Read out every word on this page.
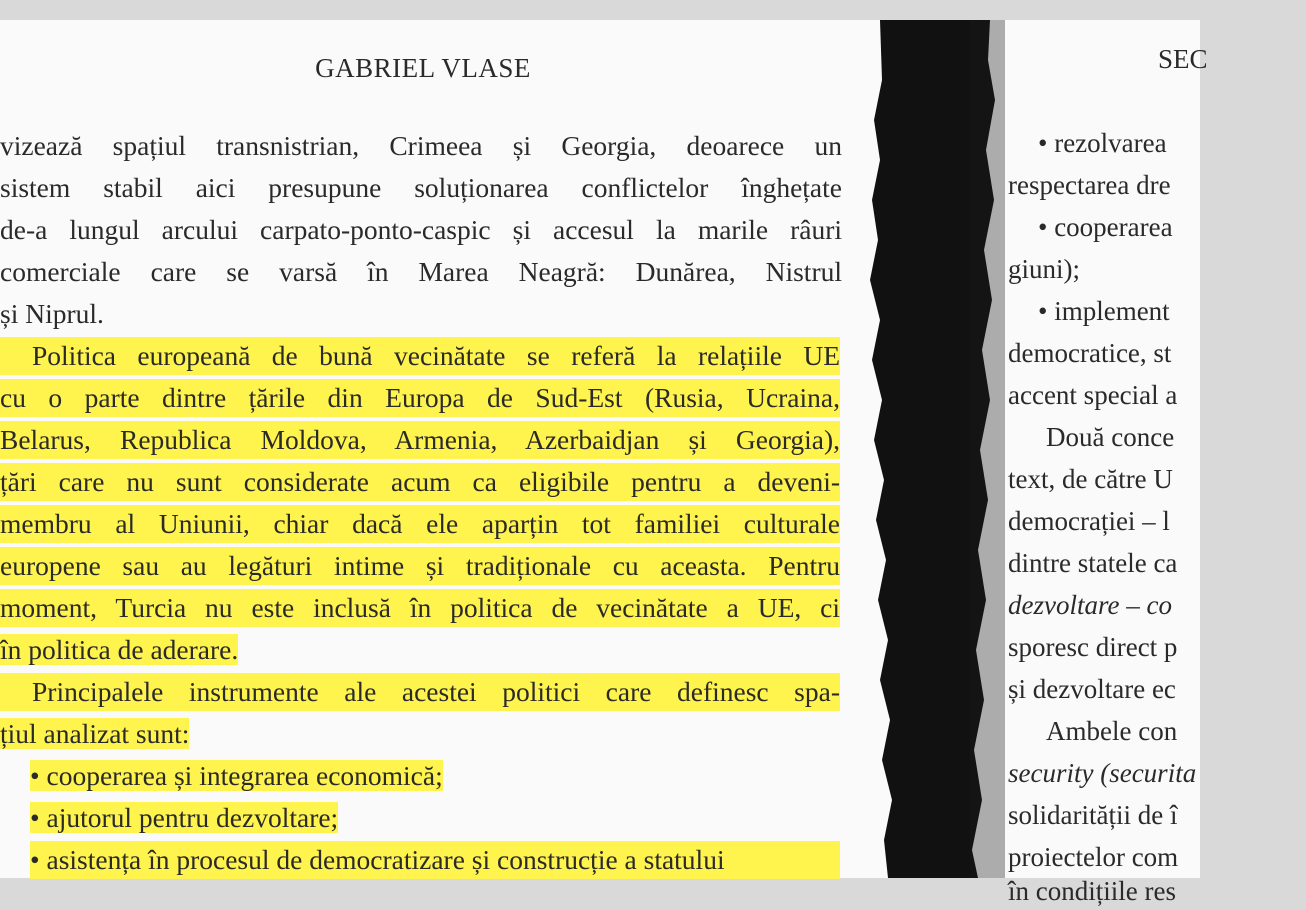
GABRIEL VLASE
vizează spațiul transnistrian, Crimeea și Georgia, deoarece un
sistem stabil aici presupune soluționarea conflictelor înghețate
de-a lungul arcului carpato-ponto-caspic și accesul la marile râuri
comerciale care se varsă în Marea Neagră: Dunărea, Nistrul
și Niprul.
Politica europeană de bună vecinătate se referă la relațiile UE
cu o parte dintre țările din Europa de Sud-Est (Rusia, Ucraina,
Belarus, Republica Moldova, Armenia, Azerbaidjan și Georgia),
țări care nu sunt considerate acum ca eligibile pentru a deveni-
membru al Uniunii, chiar dacă ele aparțin tot familiei culturale
europene sau au legături intime și tradiționale cu aceasta. Pentru
moment, Turcia nu este inclusă în politica de vecinătate a UE, ci
în politica de aderare.
Principalele instrumente ale acestei politici care definesc spa-
țiul analizat sunt:
• cooperarea și integrarea economică;
• ajutorul pentru dezvoltare;
• asistența în procesul de democratizare și construcție a statului
SEC
• rezolvarea
respectarea dre
• cooperarea
giuni);
• implement
democratice, st
accent special a
Două conce
text, de către U
democrației – l
dintre statele ca
dezvoltare – co
sporesc direct p
și dezvoltare ec
Ambele con
security (securita
solidarității de î
proiectelor com
în condițiile res
